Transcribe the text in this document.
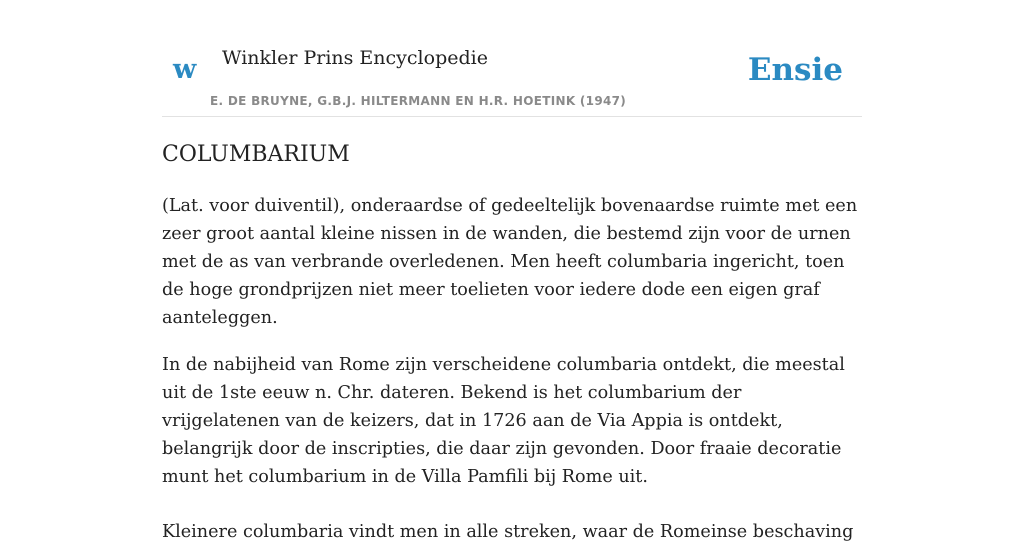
w Winkler Prins Encyclopedie
E. DE BRUYNE, G.B.J. HILTERMANN EN H.R. HOETINK (1947)
Ensie
COLUMBARIUM

(Lat. voor duiventil), onderaardse of gedeeltelijk bovenaardse ruimte met een zeer groot aantal kleine nissen in de wanden, die bestemd zijn voor de urnen met de as van verbrande overledenen. Men heeft columbaria ingericht, toen de hoge grondprijzen niet meer toelieten voor iedere dode een eigen graf aanteleggen.

In de nabijheid van Rome zijn verscheidene columbaria ontdekt, die meestal uit de 1ste eeuw n. Chr. dateren. Bekend is het columbarium der vrijgelatenen van de keizers, dat in 1726 aan de Via Appia is ontdekt, belangrijk door de inscripties, die daar zijn gevonden. Door fraaie decoratie munt het columbarium in de Villa Pamfili bij Rome uit.

Kleinere columbaria vindt men in alle streken, waar de Romeinse beschaving
